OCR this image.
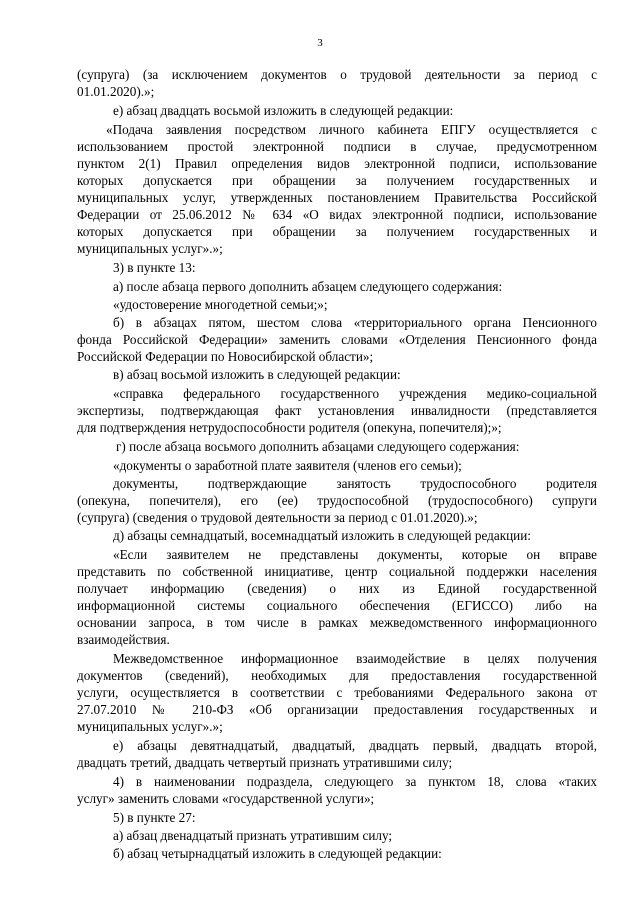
3
(супруга) (за исключением документов о трудовой деятельности за период с
01.01.2020).»;
е) абзац двадцать восьмой изложить в следующей редакции:
«Подача заявления посредством личного кабинета ЕПГУ осуществляется с
использованием простой электронной подписи в случае, предусмотренном
пунктом 2(1) Правил определения видов электронной подписи, использование
которых допускается при обращении за получением государственных и
муниципальных услуг, утвержденных постановлением Правительства Российской
Федерации от 25.06.2012 № 634 «О видах электронной подписи, использование
которых допускается при обращении за получением государственных и
муниципальных услуг».»;
3) в пункте 13:
а) после абзаца первого дополнить абзацем следующего содержания:
«удостоверение многодетной семьи;»;
б) в абзацах пятом, шестом слова «территориального органа Пенсионного
фонда Российской Федерации» заменить словами «Отделения Пенсионного фонда
Российской Федерации по Новосибирской области»;
в) абзац восьмой изложить в следующей редакции:
«справка федерального государственного учреждения медико-социальной
экспертизы, подтверждающая факт установления инвалидности (представляется
для подтверждения нетрудоспособности родителя (опекуна, попечителя);»;
г) после абзаца восьмого дополнить абзацами следующего содержания:
«документы о заработной плате заявителя (членов его семьи);
документы, подтверждающие занятость трудоспособного родителя
(опекуна, попечителя), его (ее) трудоспособной (трудоспособного) супруги
(супруга) (сведения о трудовой деятельности за период с 01.01.2020).»;
д) абзацы семнадцатый, восемнадцатый изложить в следующей редакции:
«Если заявителем не представлены документы, которые он вправе
представить по собственной инициативе, центр социальной поддержки населения
получает информацию (сведения) о них из Единой государственной
информационной системы социального обеспечения (ЕГИССО) либо на
основании запроса, в том числе в рамках межведомственного информационного
взаимодействия.
Межведомственное информационное взаимодействие в целях получения
документов (сведений), необходимых для предоставления государственной
услуги, осуществляется в соответствии с требованиями Федерального закона от
27.07.2010 № 210-ФЗ «Об организации предоставления государственных и
муниципальных услуг».»;
е) абзацы девятнадцатый, двадцатый, двадцать первый, двадцать второй,
двадцать третий, двадцать четвертый признать утратившими силу;
4) в наименовании подраздела, следующего за пунктом 18, слова «таких
услуг» заменить словами «государственной услуги»;
5) в пункте 27:
а) абзац двенадцатый признать утратившим силу;
б) абзац четырнадцатый изложить в следующей редакции:
